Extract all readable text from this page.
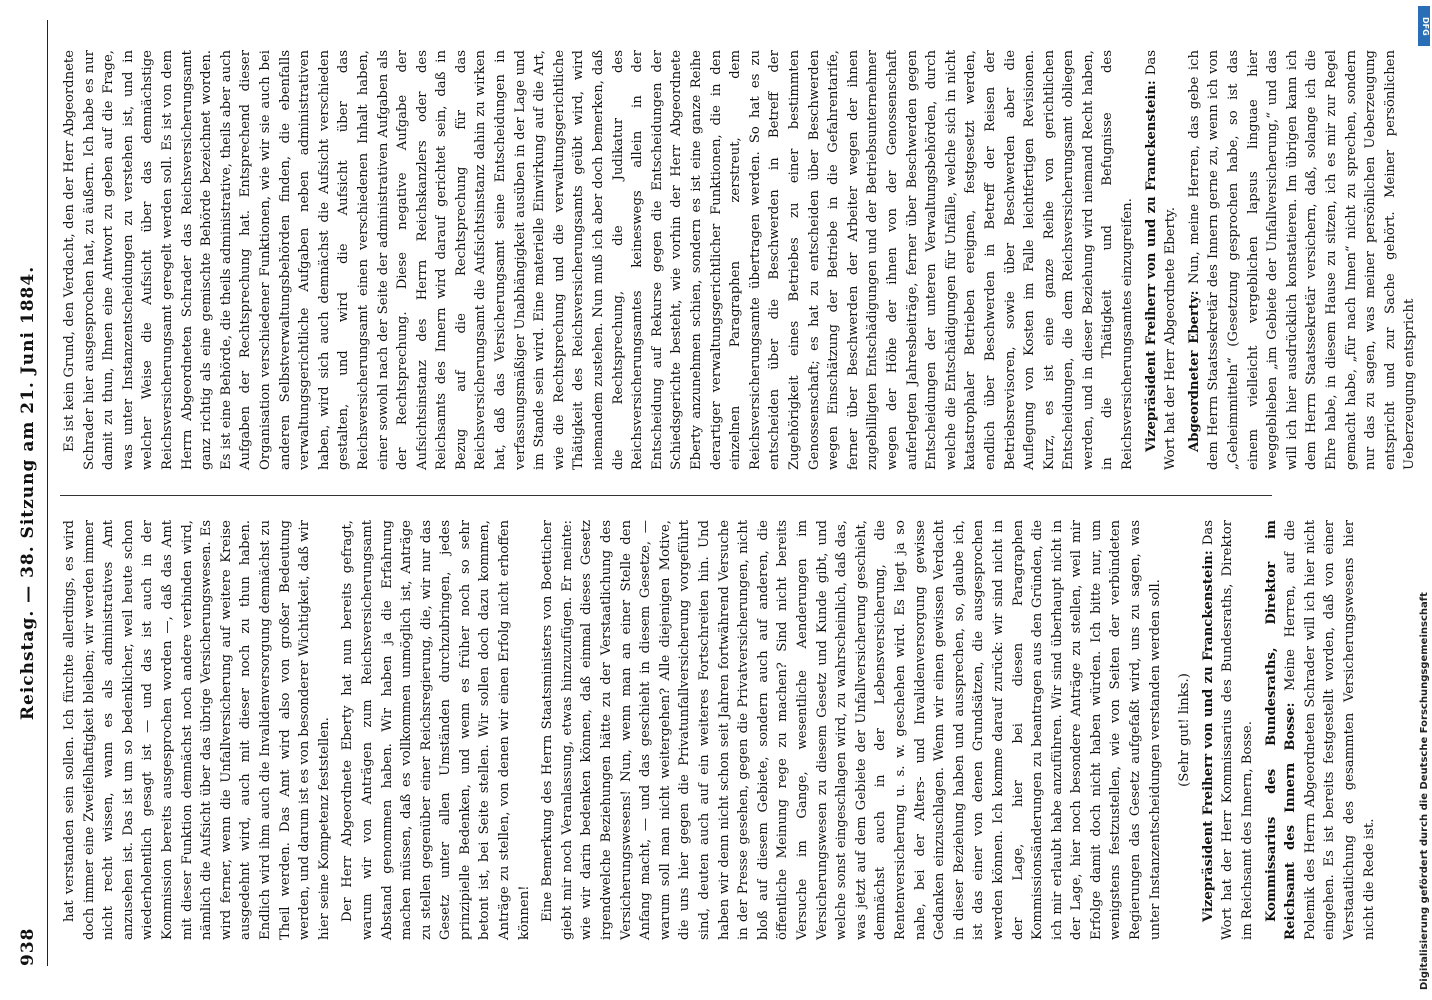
938
Reichstag. — 38. Sitzung am 21. Juni 1884.

hat verstanden sein sollen. Ich fürchte allerdings, es wird doch immer eine Zweifelhaftigkeit bleiben; wir werden immer nicht recht wissen, wann es als administratives Amt anzusehen ist. Das ist um so bedenklicher, weil heute schon wiederholentlich gesagt ist — und das ist auch in der Kommission bereits ausgesprochen worden —, daß das Amt mit dieser Funktion demnächst noch andere verbinden wird, nämlich die Aufsicht über das übrige Versicherungswesen. Es wird ferner, wenn die Unfallversicherung auf weitere Kreise ausgedehnt wird, auch mit dieser noch zu thun haben. Endlich wird ihm auch die Invalidenversorgung demnächst zu Theil werden. Das Amt wird also von großer Bedeutung werden, und darum ist es von besonderer Wichtigkeit, daß wir hier seine Kompetenz feststellen. Der Herr Abgeordnete Eberty hat nun bereits gefragt, warum wir von Anträgen zum Reichsversicherungsamt Abstand genommen haben. Wir haben ja die Erfahrung machen müssen, daß es vollkommen unmöglich ist, Anträge zu stellen gegenüber einer Reichsregierung, die, wir nur das Gesetz unter allen Umständen durchzubringen, jedes prinzipielle Bedenken, und wenn es früher noch so sehr betont ist, bei Seite stellen. Wir sollen doch dazu kommen, Anträge zu stellen, von denen wir einen Erfolg nicht erhoffen können! Eine Bemerkung des Herrn Staatsministers von Boetticher giebt mir noch Veranlassung, etwas hinzuzufügen. Er meinte: wie wir darin bedenken können, daß einmal dieses Gesetz irgendwelche Beziehungen hätte zu der Verstaatlichung des Versicherungswesens! Nun, wenn man an einer Stelle den Anfang macht, — und das geschieht in diesem Gesetze, — warum soll man nicht weitergehen? Alle diejenigen Motive, die uns hier gegen die Privatunfallversicherung vorgeführt sind, deuten auch auf ein weiteres Fortschreiten hin. Und haben wir denn nicht schon seit Jahren fortwährend Versuche in der Presse gesehen, gegen die Privatversicherungen, nicht bloß auf diesem Gebiete, sondern auch auf anderen, die öffentliche Meinung rege zu machen? Sind nicht bereits Versuche im Gange, wesentliche Aenderungen im Versicherungswesen zu diesem Gesetz und Kunde gibt, und welche sonst eingeschlagen wird, zu wahrscheinlich, daß das, was jetzt auf dem Gebiete der Unfallversicherung geschieht, demnächst auch in der Lebensversicherung, die Rentenversicherung u. s. w. geschehen wird. Es liegt ja so nahe, bei der Alters- und Invalidenversorgung gewisse Gedanken einzuschlagen. Wenn wir einen gewissen Verdacht in dieser Beziehung haben und aussprechen, so, glaube ich, ist das einer von denen Grundsätzen, die ausgesprochen werden können. Ich komme darauf zurück: wir sind nicht in der Lage, hier bei diesen Paragraphen Kommissionsänderungen zu beantragen aus den Gründen, die ich mir erlaubt habe anzuführen. Wir sind überhaupt nicht in der Lage, hier noch besondere Anträge zu stellen, weil mir Erfolge damit doch nicht haben würden. Ich bitte nur, um wenigstens festzustellen, wie von Seiten der verbündeten Regierungen das Gesetz aufgefaßt wird, uns zu sagen, was unter Instanzentscheidungen verstanden werden soll. (Sehr gut! links.) Vizepräsident Freiherr von und zu Franckenstein: Das Wort hat der Herr Kommissarius des Bundesraths, Direktor im Reichsamt des Innern, Bosse. Kommissarius des Bundesraths, Direktor im Reichsamt des Innern Bosse: Meine Herren, auf die Polemik des Herrn Abgeordneten Schrader will ich hier nicht eingehen. Es ist bereits festgestellt worden, daß von einer Verstaatlichung des gesammten Versicherungswesens hier nicht die Rede ist.

Es ist kein Grund, den Verdacht, den der Herr Abgeordnete Schrader hier ausgesprochen hat, zu äußern. Ich habe es nur damit zu thun, Ihnen eine Antwort zu geben auf die Frage, was unter Instanzentscheidungen zu verstehen ist, und in welcher Weise die Aufsicht über das demnächstige Reichsversicherungsamt geregelt werden soll. Es ist von dem Herrn Abgeordneten Schrader das Reichsversicherungsamt ganz richtig als eine gemischte Behörde bezeichnet worden. Es ist eine Behörde, die theils administrative, theils aber auch Aufgaben der Rechtsprechung hat. Entsprechend dieser Organisation verschiedener Funktionen, wie wir sie auch bei anderen Selbstverwaltungsbehörden finden, die ebenfalls verwaltungsgerichtliche Aufgaben neben administrativen haben, wird sich auch demnächst die Aufsicht verschieden gestalten, und wird die Aufsicht über das Reichsversicherungsamt einen verschiedenen Inhalt haben, einer sowohl nach der Seite der administrativen Aufgaben als der Rechtsprechung. Diese negative Aufgabe der Aufsichtsinstanz des Herrn Reichskanzlers oder des Reichsamts des Innern wird darauf gerichtet sein, daß in Bezug auf die Rechtsprechung für das Reichsversicherungsamt die Aufsichtsinstanz dahin zu wirken hat, daß das Versicherungsamt seine Entscheidungen in verfassungsmäßiger Unabhängigkeit ausüben in der Lage und im Stande sein wird. Eine materielle Einwirkung auf die Art, wie die Rechtsprechung und die verwaltungsgerichtliche Thätigkeit des Reichsversicherungsamts geübt wird, wird niemandem zustehen. Nun muß ich aber doch bemerken, daß die Rechtsprechung, die Judikatur des Reichsversicherungsamtes keineswegs allein in der Entscheidung auf Rekurse gegen die Entscheidungen der Schiedsgerichte besteht, wie vorhin der Herr Abgeordnete Eberty anzunehmen schien, sondern es ist eine ganze Reihe derartiger verwaltungsgerichtlicher Funktionen, die in den einzelnen Paragraphen zerstreut, dem Reichsversicherungsamte übertragen werden. So hat es zu entscheiden über die Beschwerden in Betreff der Zugehörigkeit eines Betriebes zu einer bestimmten Genossenschaft; es hat zu entscheiden über Beschwerden wegen Einschätzung der Betriebe in die Gefahrentarife, ferner über Beschwerden der Arbeiter wegen der ihnen zugebilligten Entschädigungen und der Betriebsunternehmer wegen der Höhe der ihnen von der Genossenschaft auferlegten Jahresbeiträge, ferner über Beschwerden gegen Entscheidungen der unteren Verwaltungsbehörden, durch welche die Entschädigungen für Unfälle, welche sich in nicht katastrophaler Betrieben ereignen, festgesetzt werden, endlich über Beschwerden in Betreff der Reisen der Betriebsrevisoren, sowie über Beschwerden aber die Auflegung von Kosten im Falle leichtfertigen Revisionen. Kurz, es ist eine ganze Reihe von gerichtlichen Entscheidungen, die dem Reichsversicherungsamt obliegen werden, und in dieser Beziehung wird niemand Recht haben, in die Thätigkeit und Befugnisse des Reichsversicherungsamtes einzugreifen. Vizepräsident Freiherr von und zu Franckenstein: Das Wort hat der Herr Abgeordnete Eberty. Abgeordneter Eberty: Nun, meine Herren, das gebe ich dem Herrn Staatssekretär des Innern gerne zu, wenn ich von „Geheimmitteln“ (Gesetzung gesprochen habe, so ist das einem vielleicht vergeblichen lapsus linguae hier weggeblieben „im Gebiete der Unfallversicherung,“ und das will ich hier ausdrücklich konstatieren. Im übrigen kann ich dem Herrn Staatssekretär versichern, daß, solange ich die Ehre habe, in diesem Hause zu sitzen, ich es mir zur Regel gemacht habe, „für nach Innen“ nicht zu sprechen, sondern nur das zu sagen, was meiner persönlichen Ueberzeugung entspricht und zur Sache gehört. Meiner persönlichen Ueberzeugung entspricht

Digitalisierung gefördert durch die Deutsche Forschungsgemeinschaft
DFG
